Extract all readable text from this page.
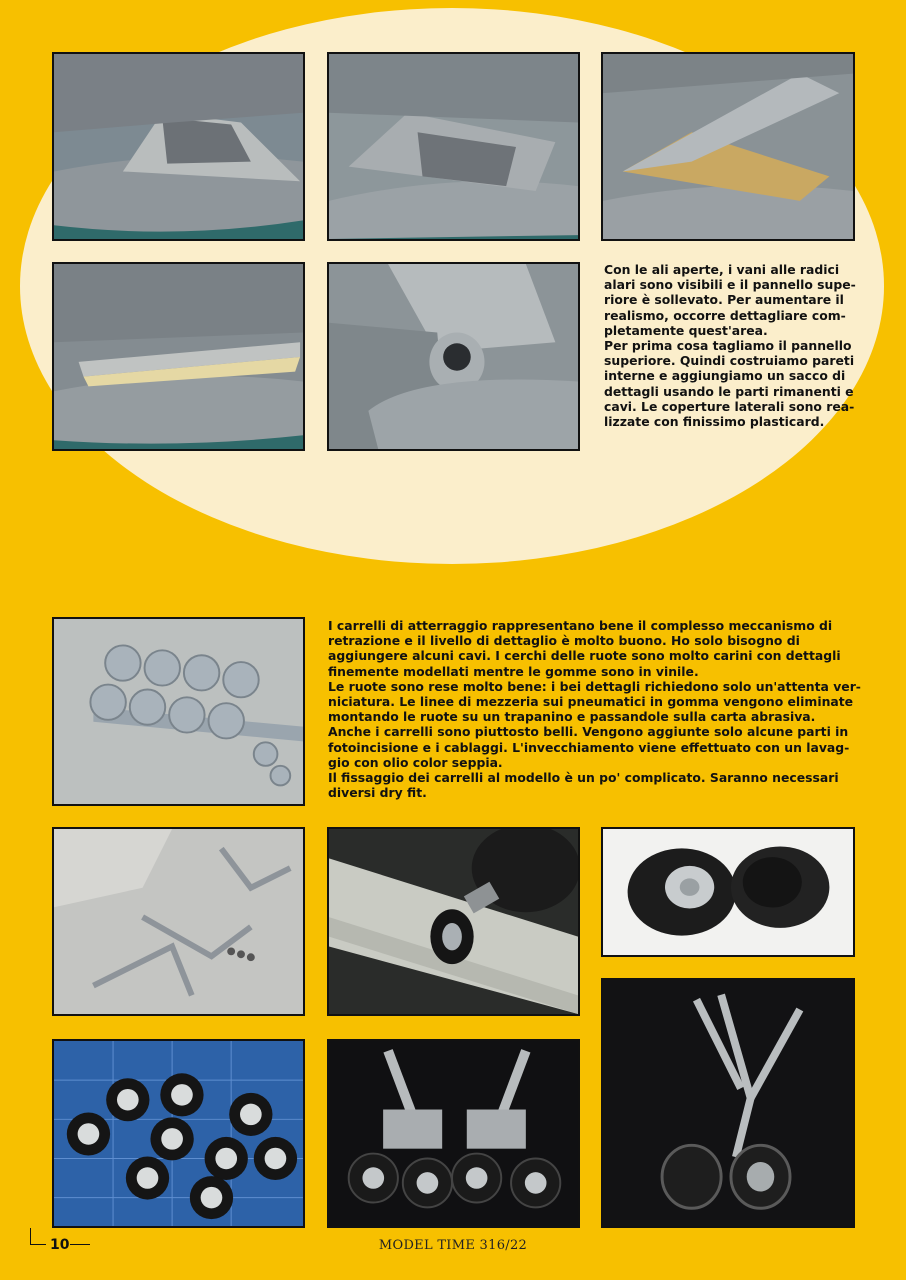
Con le ali aperte, i vani alle radici
alari sono visibili e il pannello supe-
riore è sollevato. Per aumentare il
realismo, occorre dettagliare com-
pletamente quest'area.
Per prima cosa tagliamo il pannello
superiore. Quindi costruiamo pareti
interne e aggiungiamo un sacco di
dettagli usando le parti rimanenti e
cavi. Le coperture laterali sono rea-
lizzate con finissimo plasticard.
I carrelli di atterraggio rappresentano bene il complesso meccanismo di
retrazione e il livello di dettaglio è molto buono. Ho solo bisogno di
aggiungere alcuni cavi. I cerchi delle ruote sono molto carini con dettagli
finemente modellati mentre le gomme sono in vinile.
Le ruote sono rese molto bene: i bei dettagli richiedono solo un'attenta ver-
niciatura. Le linee di mezzeria sui pneumatici in gomma vengono eliminate
montando le ruote su un trapanino e passandole sulla carta abrasiva.
Anche i carrelli sono piuttosto belli. Vengono aggiunte solo alcune parti in
fotoincisione e i cablaggi. L'invecchiamento viene effettuato con un lavag-
gio con olio color seppia.
Il fissaggio dei carrelli al modello è un po' complicato. Saranno necessari
diversi dry fit.
10	MODEL TIME 316/22
